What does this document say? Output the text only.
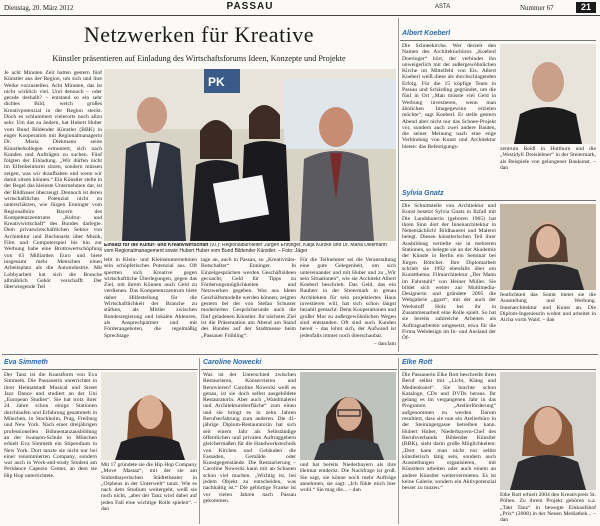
Dienstag, 20. März 2012	PASSAU	ASTA	Nummer 67	21
Netzwerken für Kreative
Künstler präsentieren auf Einladung des Wirtschaftsforums Ideen, Konzepte und Projekte
Je acht Minuten Zeit hatten gestern fünf Künstler aus der Region, um sich und ihre Werke vorzustellen. Acht Minuten, das ist nicht wirklich viel. Und dennoch – oder gerade deshalb? – entstand so ein sehr dichtes Bild, welch großes Kreativpotenzial in der Region steckt. Doch es schlummert vielerorts noch allzu sehr. Um das zu ändern, hat Hubert Huber vom Bund Bildender Künstler (BBK) in enger Kooperation mit Regionalmanagerin Dr. Maria Diekmann seine Künstlerkollegen ermuntert, sich nach Kunden und Aufträgen zu suchen. Fünf folgten der Einladung. „Wir dürfen nicht im Elfenbeinturm sitzen, sondern müssen zeigen, was wir draufhaben und wenn wir damit sitzen können.“ Ein Künstler stelle in der Regel das kleinste Unternehmen dar, ist der Bildhauer überzeugt. Dennoch ist deren wirtschaftliches Potenzial nicht zu unterschätzen, wie Jürgen Enninger vom Regionalbüro Bayern des Kompetenzzentrums „Kultur- und Kreativwirtschaft“ des Bundes darlegte. Dem privatwirtschaftlichen Sektor von Architektur und Buchmarkt über Musik, Film und Computerspiel bis hin zur Werbung habe eine Bruttowertschöpfung von 63 Milliarden Euro und biete insgesamt mehr Menschen einen Arbeitsplatz als die Autoindustrie. Mit Lobbyarbeit hat sich die Branche allmählich Gehör verschafft. Der überwiegende Teil
PK
Einsatz für die Kultur- und Kreativwirtschaft (v.l.): Regionalbüroleiter Jürgen Enninger, Katja Kurzke und Dr. Maria Diekmann vom Regionalmanagement sowie Hubert Huber vom Bund Bildender Künstler. – Foto: Jäger
lebt in Klein- und Kleinstunternehmen sein schöpferisches Potenzial aus. Oft sperrten sich Kreative gegen wirtschaftliche Überlegungen, gegen das Ziel, mit ihrem Können auch Geld zu verdienen. Das Kompetenzzentrum biete daher Hilfestellung für die Wirtschaftlichkeit der Branche zu stärken, als Mittler zwischen Bundesregierung und lokalen Akteuren, als Ansprechpartner und mit Förderangeboten, die regelmäßig Sprechtage
tage an, auch in Passau, so „Kreativitäts-Botschafter“ Enninger. In Einzelgesprächen werden Geschäftsideen gecoacht, Geld für Tipps zu Förderungsmöglichkeiten und Netzwerken gegeben. Was aus Ideen Geschäftsmodelle werden können, zeigten gestern bei der von Stefan Schuster moderierten Gesprächsrunde auch die fünf geladenen Künstler. Ihr nächstes Ziel ist die Präsentation am Abend am Stand des Bundes auf der Stadtmesse beim „Passauer Frühling“.
Für die Teilnehmer sei die Veranstaltung eine gute Gelegenheit, um sich untereinander und mit Huber und zu „Wir sein Situationen“, wie sie Architekt Albert Koeberl beschrieb. Das Geld, das ein Bauherr in der Steiermark in genau Architekten für sein projektiertes Haus investieren will, hat sich schon längst bezahlt gemacht: Denn Kooperationen und großer Mut zu außergewöhnlichen Wegen sind entstanden. Oft sind auch Kunden bereit – das lohnt sich, der Aufwand ist jedenfalls immer noch überschaubar.
– dan/lam
Albert Koeberl
Die Schneekirche. Wer derzeit den Namen des Architekturbüros „Koeberl Doeringer“ hört, der verbindet ihn unweigerlich mit der außergewöhnlichen Kirche im Mittelfeld von Eis. Albert Koeberl weiß diese als durchschlagenden Erfolg. Für die 15 köpfige Team in Passau und Schärding gegründet, um die fünf in Ort „Man müsste viel Geld in Werbung investieren, wenn man ähnlichen Imagegewinn erzielen möchte“, sagt Koeberl. Er stelle gestern Abend aber nicht nur das Schnee-Projekt vor, sondern auch zwei andere Bauten, die seiner Meinung nach eine enge Verbindung von Kunst und Architektur bieten: das Befestigungs-	zentrum Reidl in Hutthurn und die „Westidyll Dreisiebner“ in der Steiermark, als Beispiele von gelungener Baukunst. – dan
Sylvia Gnatz
Die Schnittstelle von Architektur und Kunst besetzt Sylvia Gnatz in Ilzfall mit Die Landshuterin (geboren 1965) hat ihren Sinn dort der Innenarchitektur in Nebensächlich! Bildhauerei und Malerei belegt. Diesen künstlerischen Teil ihrer Ausbildung vertiefte sie in mehreren Stationen, so belegte sie an der Akademie der Künste in Berlin ein Seminar bei Jürgen Böttcher. Ihre Diplomarbeit schrieb sie 1992 ebenfalls über ein Kunstthema: Filmarchitektur „Der Mann im Fahrstuhl“ von Heiner Müller. Sie bildet sich weiter zur Multimedia-Designerin und gründete 2005 die Webgalerie „ggart“, mit der auch der Werkstoff Holz bei ihr in Zusammenarbeit eine Rolle spielt. So hat sie bereits zahlreiche Arbeiten als Auftragsarbeiten umgesetzt, etwa für die Firma Webdesign im In- und Ausland der Öf-
fentlichkeit das Sonnt bietet sie die Ausstellung und Werbung. Innenarchitektur und Kunst an. Die Diplom-Ingenieurin wohnt und arbeitet in Aicha vorm Wald. – dan
Eva Simmeth
Der Tanz ist die Kunstform von Eva Simmeth. Die Passauerin unterrichtet in ihrer Heimatstadt Musical und Street Jazz Dance und studiert an der Uni „European Studies“. Sie hat trotz ihrer 24 Jahre schon einige Stationen durchlaufen und Erfahrung gesammelt in München, in Stockholm, Prag, Freiburg und New York. Nach einer dreijährigen professionellen Bühnentanzausbildung an der Iwanson-Schule in München erhielt Eva Simmeth ein Stipendium in New York. Dort tanzte sie nicht nur bei einer renommierten Company, sondern war auch in Work-and-study Student am Peridance Capezio Center, an dem sie Hip Hop unterrichtete.
Mit 17 gründete sie die Hip Hop Company „Move Mastaz“, mit der sie am Südostbayerischen Städtetheater in „Orpheus in der Unterwelt“ tanzt. Wie es nach dem Studium weitergeht, weiß sie noch nicht, „aber der Tanz wird dabei auf jeden Fall eine wichtige Rolle spielen“. – dan
Caroline Nowecki
Was ist der Unterschied zwischen Restaurieren, Konservieren und Renovieren? Caroline Nowecki weiß es genau, ist sie doch selbst ausgebildete Restauratorin. Aber auch „Wandmalerei und Architekturoberfläche“ zum einen und sie bringt es in zehn Jahren Berufserfahrung zum anderen. Die 41-jährige Diplom-Restauratorin hat sich seit einem Jahr als Selbständige öffentlichen und privaten Auftraggebern gleichermaßen für die Handwerkstechnik von Kirchen und Gebäuden die Fassaden, Gemälde oder Kunstgegenstände. Die Restaurierung – Caroline Nowecki kann mit an Schauen schon viel machen. „Wichtig ist, bei jedem Objekt zu entscheiden, was nachhaltig ist.“ Die gebürtige Franke ist vor vielen Jahren nach Passau gekommen.
und hat bereits Niederbayern als ihre Heimat entdeckt. Die Nachfrage ist groß. Sie sagt, sie könne noch mehr Aufträge annehmen, sie sagt: „Ich fühle mich hier wohl.“ Sie mag die... – dan
Elke Rott
Die Passauerin Elke Rott beschreibt ihren Beruf selbst mit „Licht, Klang und Medienkunst“. Sie brachte schon Kataloge, CDs und DVDs heraus. Ihr gelang es im vergangenen Jahr in das Programm „Atelierförderung“ aufgenommen zu werden. Darum resultiert, dass sie nun ein Atelierbüro in der Steiningergasse betreiben kann. Hubert Huber, Niederbayern-Chef des Berufsverbands Bildender Künstler (BBK), sieht darin große Möglichkeiten: „Dort kann man nicht nur selbst künstlerisch tätig sein, sondern auch Ausstellungen organisieren, mit Künstlern arbeiten oder auch einem an andere Künstler weitervermieten. Es ist keine Galerie, sondern ein Aktivpotenzial besser zu nutzen.“
Elke Rott erhielt 2004 den Kreativpreis St. Pölten. Zu ihrem Projekt gehören u.a. „Takt Tanz“ in bewegte Einkaufshof „Prix“ (2008) in der Neuen Mediathek... – dan
